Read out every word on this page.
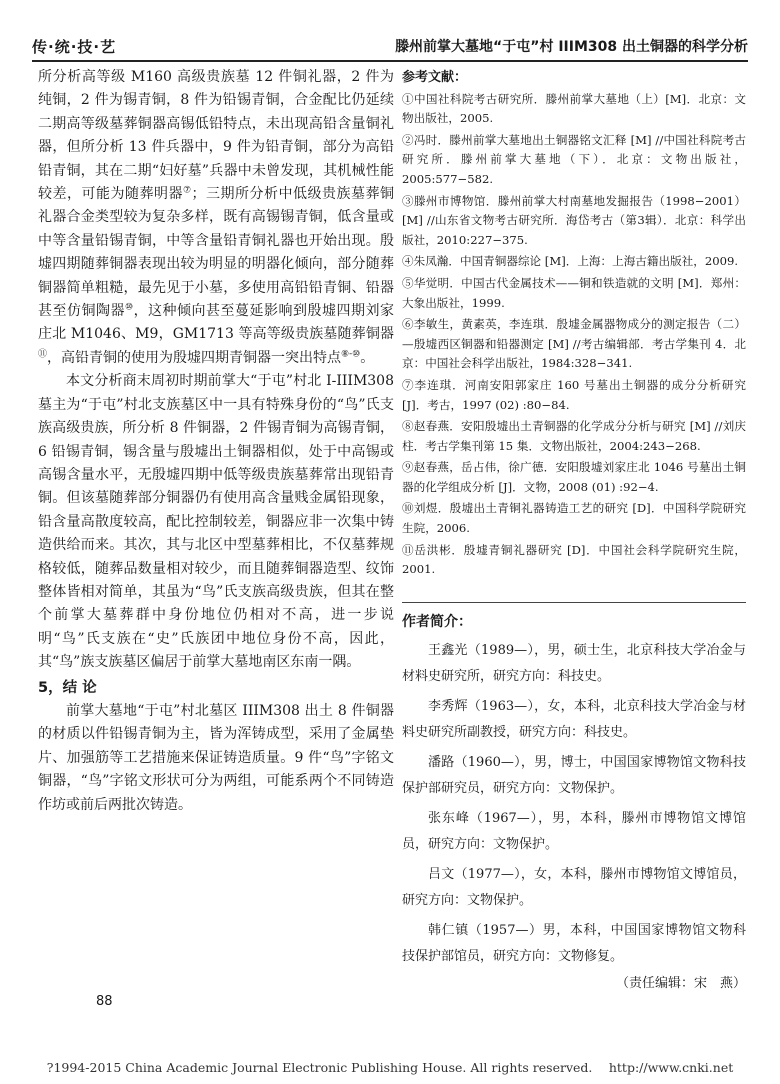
传·统·技·艺	滕州前掌大墓地“于屯”村 IIIM308 出土铜器的科学分析

所分析高等级 M160 高级贵族墓 12 件铜礼器，2 件为纯铜，2 件为锡青铜，8 件为铅锡青铜，合金配比仍延续二期高等级墓葬铜器高锡低铅特点，未出现高铅含量铜礼器，但所分析 13 件兵器中，9 件为铅青铜，部分为高铅铅青铜，其在二期“妇好墓”兵器中未曾发现，其机械性能较差，可能为随葬明器⑦；三期所分析中低级贵族墓葬铜礼器合金类型较为复杂多样，既有高锡锡青铜，低含量或中等含量铅锡青铜，中等含量铅青铜礼器也开始出现。殷墟四期随葬铜器表现出较为明显的明器化倾向，部分随葬铜器简单粗糙，最先见于小墓，多使用高铅铅青铜、铅器甚至仿铜陶器⑩，这种倾向甚至蔓延影响到殷墟四期刘家庄北 M1046、M9，GM1713 等高等级贵族墓随葬铜器⑪，高铅青铜的使用为殷墟四期青铜器一突出特点⑧-⑩。

本文分析商末周初时期前掌大“于屯”村北 I-IIIM308 墓主为“于屯”村北支族墓区中一具有特殊身份的“鸟”氏支族高级贵族，所分析 8 件铜器，2 件锡青铜为高锡青铜，6 铅锡青铜，锡含量与殷墟出土铜器相似，处于中高锡或高锡含量水平，无殷墟四期中低等级贵族墓葬常出现铅青铜。但该墓随葬部分铜器仍有使用高含量贱金属铅现象，铅含量高散度较高，配比控制较差，铜器应非一次集中铸造供给而来。其次，其与北区中型墓葬相比，不仅墓葬规格较低，随葬品数量相对较少，而且随葬铜器造型、纹饰整体皆相对简单，其虽为“鸟”氏支族高级贵族，但其在整个前掌大墓葬群中身份地位仍相对不高，进一步说明“鸟”氏支族在“史”氏族团中地位身份不高，因此，其“鸟”族支族墓区偏居于前掌大墓地南区东南一隅。

5，结 论

前掌大墓地“于屯”村北墓区 IIIM308 出土 8 件铜器的材质以件铅锡青铜为主，皆为浑铸成型，采用了金属垫片、加强筋等工艺措施来保证铸造质量。9 件“鸟”字铭文铜器，“鸟”字铭文形状可分为两组，可能系两个不同铸造作坊或前后两批次铸造。

参考文献：
①中国社科院考古研究所．滕州前掌大墓地（上）[M]．北京：文物出版社，2005.
②冯时．滕州前掌大墓地出土铜器铭文汇释 [M] //中国社科院考古研究所．滕州前掌大墓地（下）．北京：文物出版社，2005:577−582.
③滕州市博物馆．滕州前掌大村南墓地发掘报告（1998−2001）[M] //山东省文物考古研究所．海岱考古（第3辑）．北京：科学出版社，2010:227−375.
④朱凤瀚．中国青铜器综论 [M]．上海：上海古籍出版社，2009.
⑤华觉明．中国古代金属技术——铜和铁造就的文明 [M]．郑州：大象出版社，1999.
⑥李敏生，黄素英，李连琪．殷墟金属器物成分的测定报告（二）—殷墟西区铜器和铅器测定 [M] //考古编辑部．考古学集刊 4．北京：中国社会科学出版社，1984:328−341.
⑦李连琪．河南安阳郭家庄 160 号墓出土铜器的成分分析研究 [J]．考古，1997 (02) :80−84.
⑧赵春燕．安阳殷墟出土青铜器的化学成分分析与研究 [M] //刘庆柱．考古学集刊第 15 集．文物出版社，2004:243−268.
⑨赵春燕，岳占伟，徐广德．安阳殷墟刘家庄北 1046 号墓出土铜器的化学组成分析 [J]．文物，2008 (01) :92−4.
⑩刘煜．殷墟出土青铜礼器铸造工艺的研究 [D]．中国科学院研究生院，2006.
⑪岳洪彬．殷墟青铜礼器研究 [D]．中国社会科学院研究生院，2001.
作者简介：

王鑫光（1989—），男，硕士生，北京科技大学冶金与材料史研究所，研究方向：科技史。

李秀辉（1963—），女，本科，北京科技大学冶金与材料史研究所副教授，研究方向：科技史。

潘路（1960—），男，博士，中国国家博物馆文物科技保护部研究员，研究方向：文物保护。

张东峰（1967—），男，本科，滕州市博物馆文博馆员，研究方向：文物保护。

吕文（1977—），女，本科，滕州市博物馆文博馆员，研究方向：文物保护。

韩仁镇（1957—）男，本科，中国国家博物馆文物科技保护部馆员，研究方向：文物修复。

（责任编辑：宋　燕）
88
?1994-2015 China Academic Journal Electronic Publishing House. All rights reserved.　 http://www.cnki.net
